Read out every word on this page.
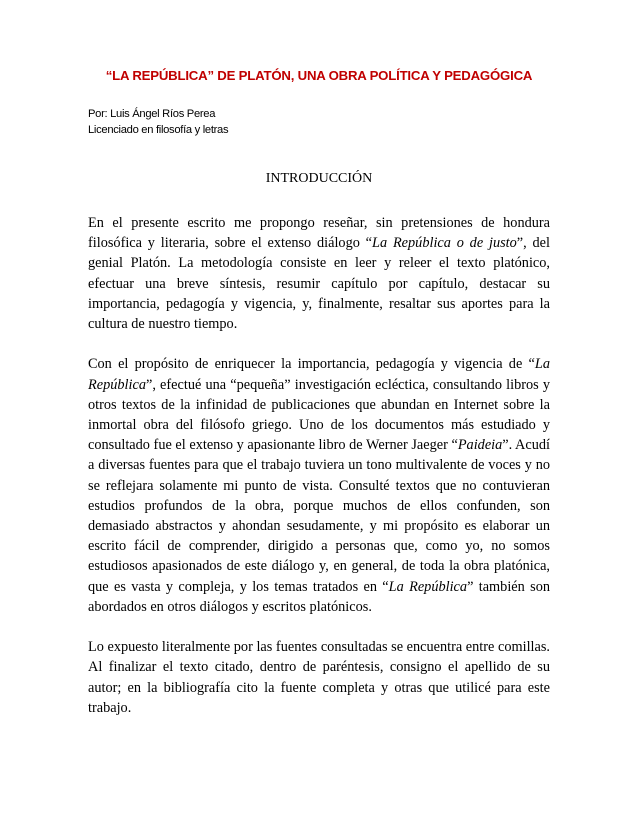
“LA REPÚBLICA” DE PLATÓN, UNA OBRA POLÍTICA Y PEDAGÓGICA
Por: Luis Ángel Ríos Perea
Licenciado en filosofía y letras
INTRODUCCIÓN

En el presente escrito me propongo reseñar, sin pretensiones de hondura filosófica y literaria, sobre el extenso diálogo “La República o de justo”, del genial Platón. La metodología consiste en leer y releer el texto platónico, efectuar una breve síntesis, resumir capítulo por capítulo, destacar su importancia, pedagogía y vigencia, y, finalmente, resaltar sus aportes para la cultura de nuestro tiempo.

Con el propósito de enriquecer la importancia, pedagogía y vigencia de “La República”, efectué una “pequeña” investigación ecléctica, consultando libros y otros textos de la infinidad de publicaciones que abundan en Internet sobre la inmortal obra del filósofo griego. Uno de los documentos más estudiado y consultado fue el extenso y apasionante libro de Werner Jaeger “Paideia”. Acudí a diversas fuentes para que el trabajo tuviera un tono multivalente de voces y no se reflejara solamente mi punto de vista. Consulté textos que no contuvieran estudios profundos de la obra, porque muchos de ellos confunden, son demasiado abstractos y ahondan sesudamente, y mi propósito es elaborar un escrito fácil de comprender, dirigido a personas que, como yo, no somos estudiosos apasionados de este diálogo y, en general, de toda la obra platónica, que es vasta y compleja, y los temas tratados en “La República” también son abordados en otros diálogos y escritos platónicos.

Lo expuesto literalmente por las fuentes consultadas se encuentra entre comillas. Al finalizar el texto citado, dentro de paréntesis, consigno el apellido de su autor; en la bibliografía cito la fuente completa y otras que utilicé para este trabajo.
